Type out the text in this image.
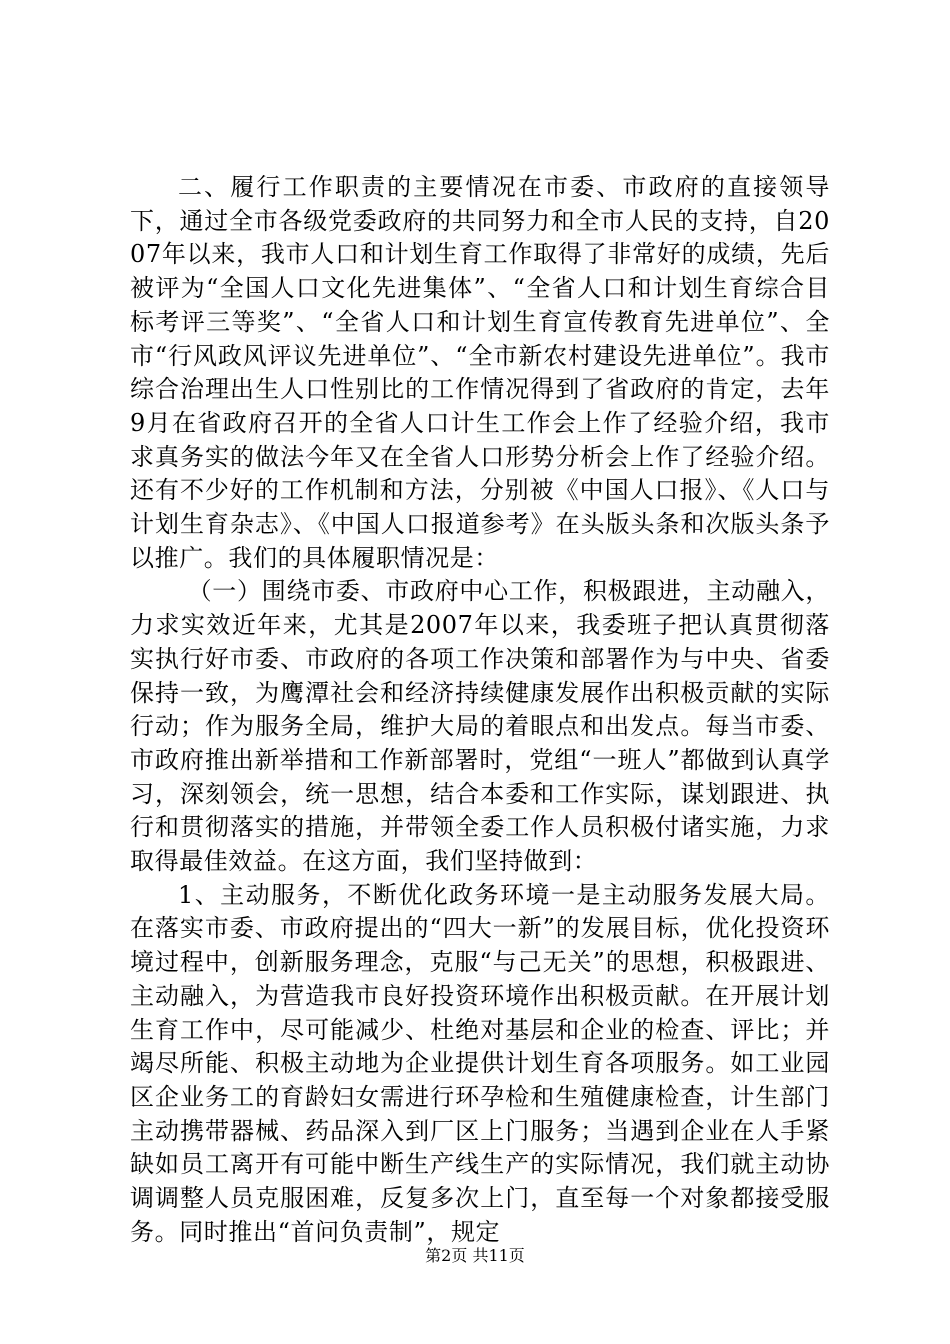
二、履行工作职责的主要情况在市委、市政府的直接领导下，通过全市各级党委政府的共同努力和全市人民的支持，自2007年以来，我市人口和计划生育工作取得了非常好的成绩，先后被评为“全国人口文化先进集体”、“全省人口和计划生育综合目标考评三等奖”、“全省人口和计划生育宣传教育先进单位”、全市“行风政风评议先进单位”、“全市新农村建设先进单位”。我市综合治理出生人口性别比的工作情况得到了省政府的肯定，去年9月在省政府召开的全省人口计生工作会上作了经验介绍，我市求真务实的做法今年又在全省人口形势分析会上作了经验介绍。还有不少好的工作机制和方法，分别被《中国人口报》、《人口与计划生育杂志》、《中国人口报道参考》在头版头条和次版头条予以推广。我们的具体履职情况是：

（一）围绕市委、市政府中心工作，积极跟进，主动融入，力求实效近年来，尤其是2007年以来，我委班子把认真贯彻落实执行好市委、市政府的各项工作决策和部署作为与中央、省委保持一致，为鹰潭社会和经济持续健康发展作出积极贡献的实际行动；作为服务全局，维护大局的着眼点和出发点。每当市委、市政府推出新举措和工作新部署时，党组“一班人”都做到认真学习，深刻领会，统一思想，结合本委和工作实际，谋划跟进、执行和贯彻落实的措施，并带领全委工作人员积极付诸实施，力求取得最佳效益。在这方面，我们坚持做到：

1、主动服务，不断优化政务环境一是主动服务发展大局。在落实市委、市政府提出的“四大一新”的发展目标，优化投资环境过程中，创新服务理念，克服“与己无关”的思想，积极跟进、主动融入，为营造我市良好投资环境作出积极贡献。在开展计划生育工作中，尽可能减少、杜绝对基层和企业的检查、评比；并竭尽所能、积极主动地为企业提供计划生育各项服务。如工业园区企业务工的育龄妇女需进行环孕检和生殖健康检查，计生部门主动携带器械、药品深入到厂区上门服务；当遇到企业在人手紧缺如员工离开有可能中断生产线生产的实际情况，我们就主动协调调整人员克服困难，反复多次上门，直至每一个对象都接受服务。同时推出“首问负责制”，规定

第2页 共11页
